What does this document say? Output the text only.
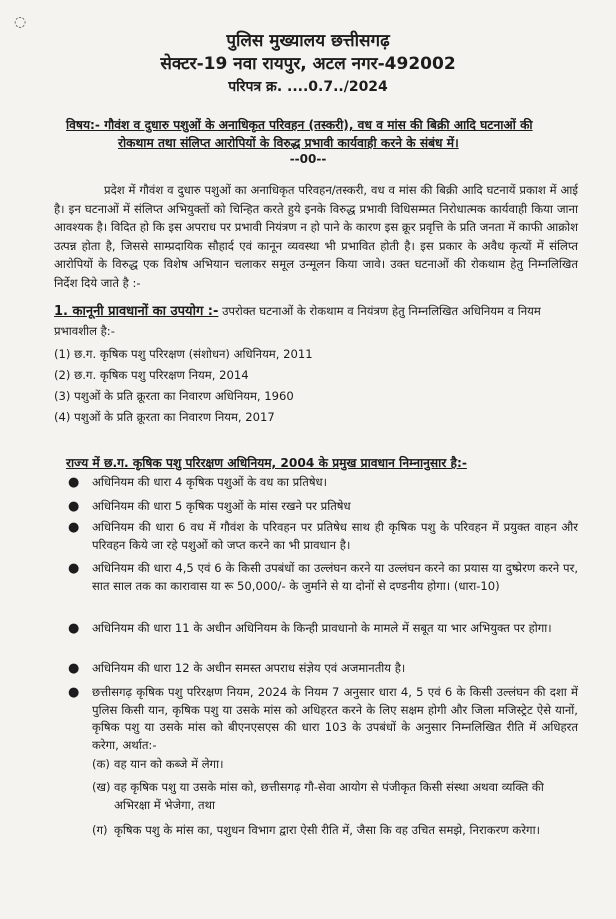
◌
पुलिस मुख्यालय छत्तीसगढ़
सेक्टर-19 नवा रायपुर, अटल नगर-492002
परिपत्र क्र. ....0.7../2024
विषय:- गौवंश व दुधारु पशुओं के अनाधिकृत परिवहन (तस्करी), वध व मांस की बिक्री आदि घटनाओं की
रोकथाम तथा संलिप्त आरोपियों के विरुद्ध प्रभावी कार्यवाही करने के संबंध में।
--00--
प्रदेश में गौवंश व दुधारु पशुओं का अनाधिकृत परिवहन/तस्करी, वध व मांस की बिक्री आदि घटनायें प्रकाश में आई है। इन घटनाओं में संलिप्त अभियुक्तों को चिन्हित करते हुये इनके विरुद्ध प्रभावी विधिसम्मत निरोधात्मक कार्यवाही किया जाना आवश्यक है। विदित हो कि इस अपराध पर प्रभावी नियंत्रण न हो पाने के कारण इस क्रूर प्रवृत्ति के प्रति जनता में काफी आक्रोश उत्पन्न होता है, जिससे साम्प्रदायिक सौहार्द एवं कानून व्यवस्था भी प्रभावित होती है। इस प्रकार के अवैध कृत्यों में संलिप्त आरोपियों के विरुद्ध एक विशेष अभियान चलाकर समूल उन्मूलन किया जावे। उक्त घटनाओं की रोकथाम हेतु निम्नलिखित निर्देश दिये जाते है :-
1. कानूनी प्रावधानों का उपयोग :- उपरोक्त घटनाओं के रोकथाम व नियंत्रण हेतु निम्नलिखित अधिनियम व नियम प्रभावशील है:-
(1) छ.ग. कृषिक पशु परिरक्षण (संशोधन) अधिनियम, 2011
(2) छ.ग. कृषिक पशु परिरक्षण नियम, 2014
(3) पशुओं के प्रति क्रूरता का निवारण अधिनियम, 1960
(4) पशुओं के प्रति क्रूरता का निवारण नियम, 2017
राज्य में छ.ग. कृषिक पशु परिरक्षण अधिनियम, 2004 के प्रमुख प्रावधान निम्नानुसार है:-
● अधिनियम की धारा 4 कृषिक पशुओं के वध का प्रतिषेध।
● अधिनियम की धारा 5 कृषिक पशुओं के मांस रखने पर प्रतिषेध
● अधिनियम की धारा 6 वध में गौवंश के परिवहन पर प्रतिषेध साथ ही कृषिक पशु के परिवहन में प्रयुक्त वाहन और परिवहन किये जा रहे पशुओं को जप्त करने का भी प्रावधान है।
● अधिनियम की धारा 4,5 एवं 6 के किसी उपबंधों का उल्लंघन करने या उल्लंघन करने का प्रयास या दुष्प्रेरण करने पर, सात साल तक का कारावास या रू 50,000/- के जुर्माने से या दोनों से दण्डनीय होगा। (धारा-10)
● अधिनियम की धारा 11 के अधीन अधिनियम के किन्ही प्रावधानो के मामले में सबूत या भार अभियुक्त पर होगा।
● अधिनियम की धारा 12 के अधीन समस्त अपराध संज्ञेय एवं अजमानतीय है।
● छत्तीसगढ़ कृषिक पशु परिरक्षण नियम, 2024 के नियम 7 अनुसार धारा 4, 5 एवं 6 के किसी उल्लंघन की दशा में पुलिस किसी यान, कृषिक पशु या उसके मांस को अधिहरत करने के लिए सक्षम होगी और जिला मजिस्ट्रेट ऐसे यानों, कृषिक पशु या उसके मांस को बीएनएसएस की धारा 103 के उपबंधों के अनुसार निम्नलिखित रीति में अधिहरत करेगा, अर्थात:-
(क) वह यान को कब्जे में लेगा।
(ख) वह कृषिक पशु या उसके मांस को, छत्तीसगढ़ गौ-सेवा आयोग से पंजीकृत किसी संस्था अथवा व्यक्ति की अभिरक्षा में भेजेगा, तथा
(ग) कृषिक पशु के मांस का, पशुधन विभाग द्वारा ऐसी रीति में, जैसा कि वह उचित समझे, निराकरण करेगा।
